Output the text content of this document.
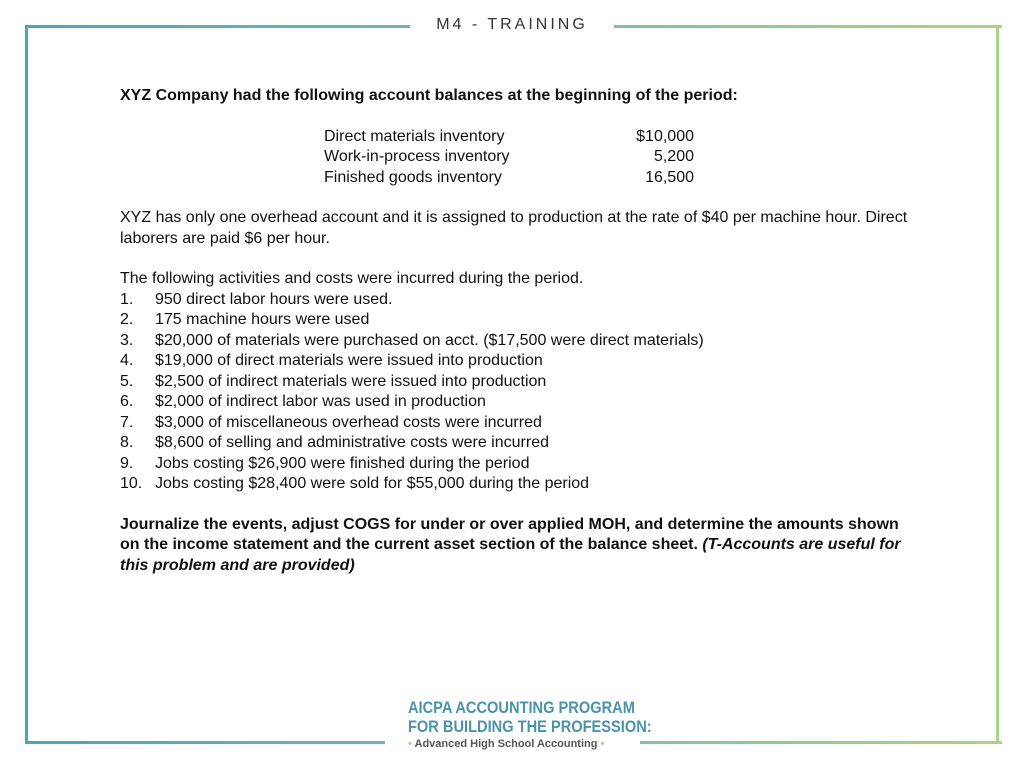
M4 - TRAINING

XYZ Company had the following account balances at the beginning of the period:

Direct materials inventory	$10,000
Work-in-process inventory	5,200
Finished goods inventory	16,500

XYZ has only one overhead account and it is assigned to production at the rate of $40 per machine hour. Direct laborers are paid $6 per hour.

The following activities and costs were incurred during the period.

1.	950 direct labor hours were used.
2.	175 machine hours were used
3.	$20,000 of materials were purchased on acct. ($17,500 were direct materials)
4.	$19,000 of direct materials were issued into production
5.	$2,500 of indirect materials were issued into production
6.	$2,000 of indirect labor was used in production
7.	$3,000 of miscellaneous overhead costs were incurred
8.	$8,600 of selling and administrative costs were incurred
9.	Jobs costing $26,900 were finished during the period
10. Jobs costing $28,400 were sold for $55,000 during the period

Journalize the events, adjust COGS for under or over applied MOH, and determine the amounts shown on the income statement and the current asset section of the balance sheet. (T-Accounts are useful for this problem and are provided)

AICPA ACCOUNTING PROGRAM
FOR BUILDING THE PROFESSION:
• Advanced High School Accounting •
